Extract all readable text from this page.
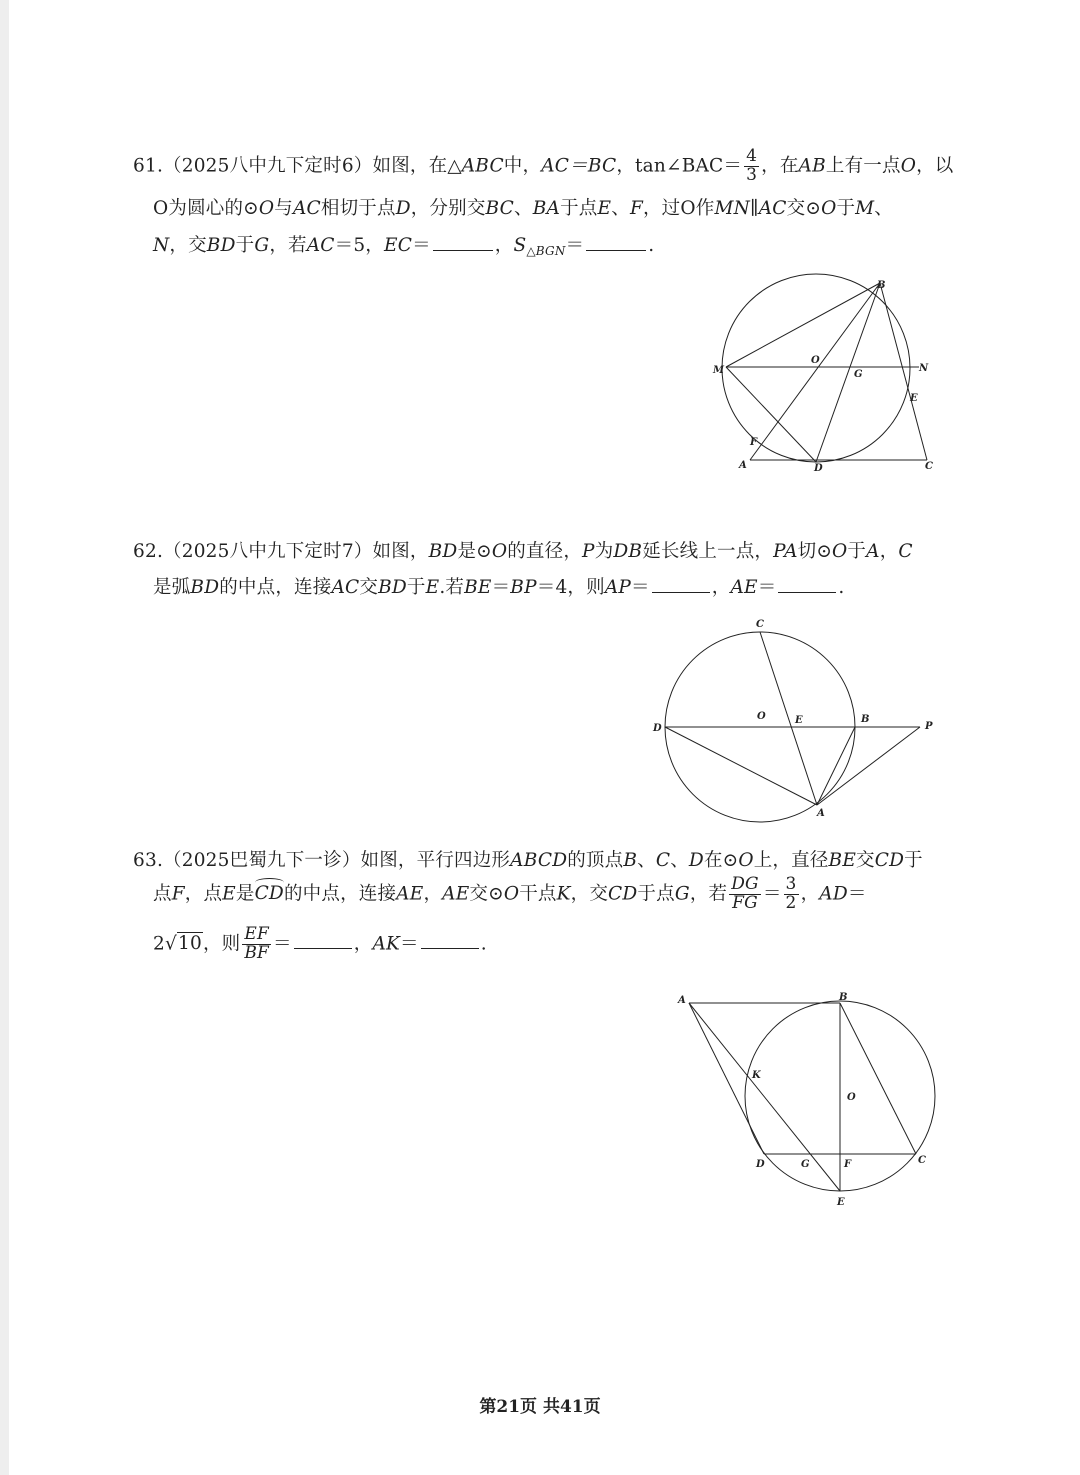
61.（2025八中九下定时6）如图，在△ABC中，AC＝BC，tan∠BAC＝ $\frac{4}{3}$ ，在AB上有一点O，以
O为圆心的⊙O与AC相切于点D，分别交BC、BA于点E、F，过O作MN∥AC交⊙O于M、
N，交BD于G，若AC＝5，EC＝	，$S_{\triangle BGN}=$	.
B
O
M	G
N
E
F
A	D	C
62.（2025八中九下定时7）如图，BD是⊙O的直径，P为DB延长线上一点，PA切⊙O于A，C
是弧BD的中点，连接AC交BD于E.若BE＝BP＝4，则AP＝	，AE＝	.
C
O	E	B
P
D
A
63.（2025巴蜀九下一诊）如图，平行四边形ABCD的顶点B、C、D在⊙O上，直径BE交CD于
点F，点E是CD的中点，连接AE，AE交⊙O干点K，交CD于点G，若 $\frac{DG}{FG} = \frac{3}{2}$ ，AD＝
2√10，则 $\frac{EF}{BF}$ ＝	，AK＝	.
A	B
K
O
D	G	F	C
E
第21页 共41页
